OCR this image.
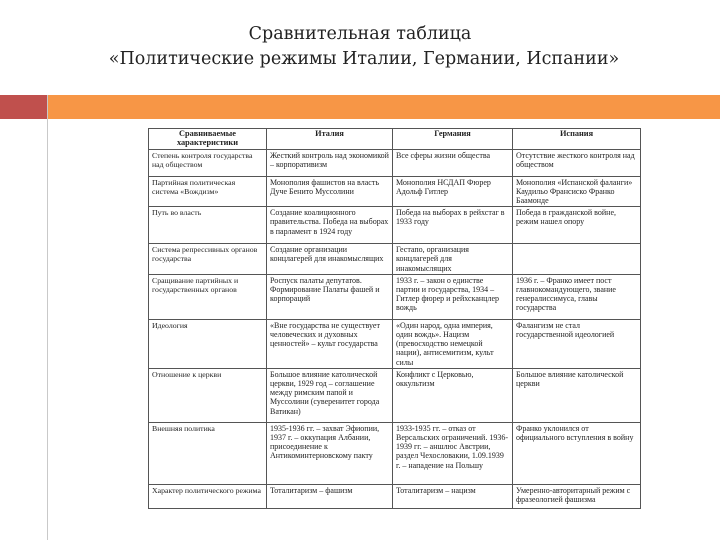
Сравнительная таблица
«Политические режимы Италии, Германии, Испании»
Сравниваемые характеристики	Италия	Германия	Испания
Степень контроля государства над обществом	Жесткий контроль над экономикой – корпоративизм	Все сферы жизни общества	Отсутствие жесткого контроля над обществом
Партийная политическая система «Вождизм»	Монополия фашистов на власть Дуче Бенито Муссолини	Монополия НСДАП Фюрер Адольф Гитлер	Монополия «Испанской фаланги» Каудильо Франсиско Франко Баамонде
Путь во власть	Создание коалиционного правительства. Победа на выборах в парламент в 1924 году	Победа на выборах в рейхстаг в 1933 году	Победа в гражданской войне, режим нашел опору
Система репрессивных органов государства	Создание организации концлагерей для инакомыслящих	Гестапо, организация концлагерей для инакомыслящих	
Сращивание партийных и государственных органов	Роспуск палаты депутатов. Формирование Палаты фашей и корпораций	1933 г. – закон о единстве партии и государства, 1934 – Гитлер фюрер и рейхсканцлер вождь	1936 г. – Франко имеет пост главнокомандующего, звание генералиссимуса, главы государства
Идеология	«Вне государства не существует человеческих и духовных ценностей» – культ государства	«Один народ, одна империя, один вождь». Нацизм (превосходство немецкой нации), антисемитизм, культ силы	Фалангизм не стал государственной идеологией
Отношение к церкви	Большое влияние католической церкви, 1929 год – соглашение между римским папой и Муссолини (суверенитет города Ватикан)	Конфликт с Церковью, оккультизм	Большое влияние католической церкви
Внешняя политика	1935-1936 гг. – захват Эфиопии, 1937 г. – оккупация Албании, присоединение к Антикоминтерновскому пакту	1933-1935 гг. – отказ от Версальских ограничений. 1936-1939 гг. – аншлюс Австрии, раздел Чехословакии, 1.09.1939 г. – нападение на Польшу	Франко уклонился от официального вступления в войну
Характер политического режима	Тоталитаризм – фашизм	Тоталитаризм – нацизм	Умеренно-авторитарный режим с фразеологией фашизма
